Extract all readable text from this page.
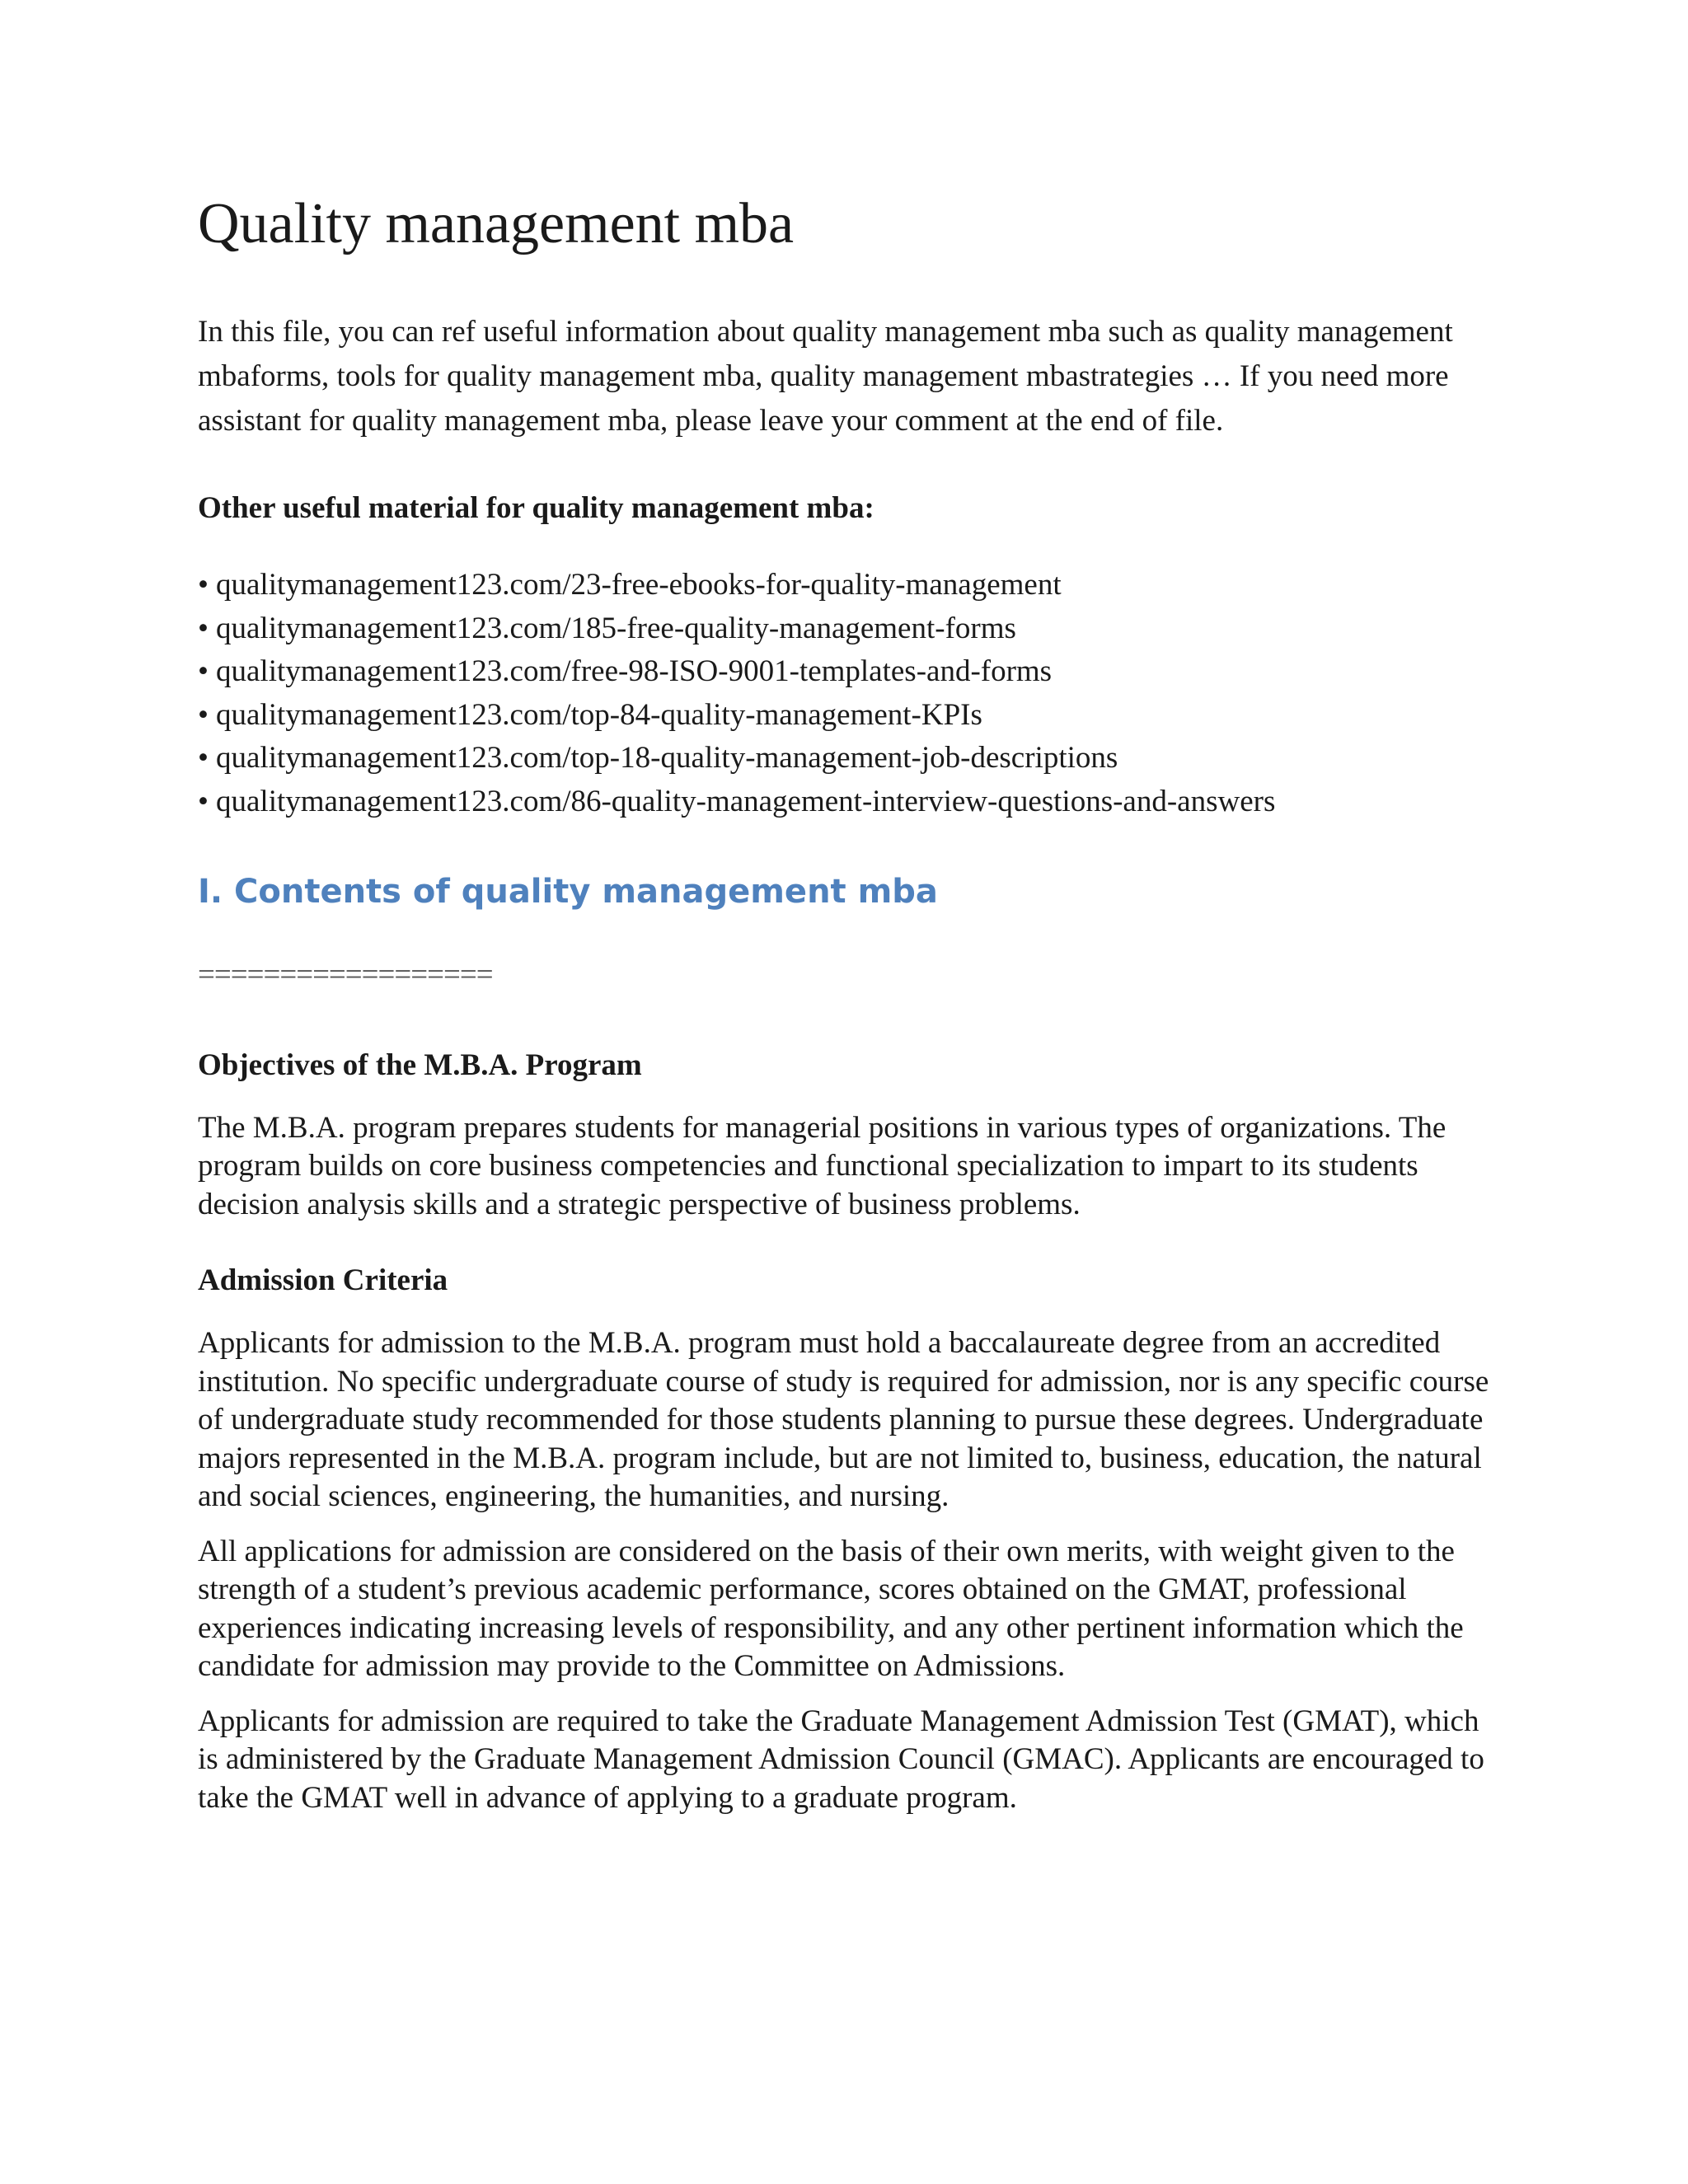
Quality management mba

In this file, you can ref useful information about quality management mba such as quality management mbaforms, tools for quality management mba, quality management mbastrategies … If you need more assistant for quality management mba, please leave your comment at the end of file.

Other useful material for quality management mba:

• qualitymanagement123.com/23-free-ebooks-for-quality-management
• qualitymanagement123.com/185-free-quality-management-forms
• qualitymanagement123.com/free-98-ISO-9001-templates-and-forms
• qualitymanagement123.com/top-84-quality-management-KPIs
• qualitymanagement123.com/top-18-quality-management-job-descriptions
• qualitymanagement123.com/86-quality-management-interview-questions-and-answers
I. Contents of quality management mba
==================
Objectives of the M.B.A. Program

The M.B.A. program prepares students for managerial positions in various types of organizations. The program builds on core business competencies and functional specialization to impart to its students decision analysis skills and a strategic perspective of business problems.

Admission Criteria

Applicants for admission to the M.B.A. program must hold a baccalaureate degree from an accredited institution. No specific undergraduate course of study is required for admission, nor is any specific course of undergraduate study recommended for those students planning to pursue these degrees. Undergraduate majors represented in the M.B.A. program include, but are not limited to, business, education, the natural and social sciences, engineering, the humanities, and nursing.

All applications for admission are considered on the basis of their own merits, with weight given to the strength of a student’s previous academic performance, scores obtained on the GMAT, professional experiences indicating increasing levels of responsibility, and any other pertinent information which the candidate for admission may provide to the Committee on Admissions.

Applicants for admission are required to take the Graduate Management Admission Test (GMAT), which is administered by the Graduate Management Admission Council (GMAC). Applicants are encouraged to take the GMAT well in advance of applying to a graduate program.
